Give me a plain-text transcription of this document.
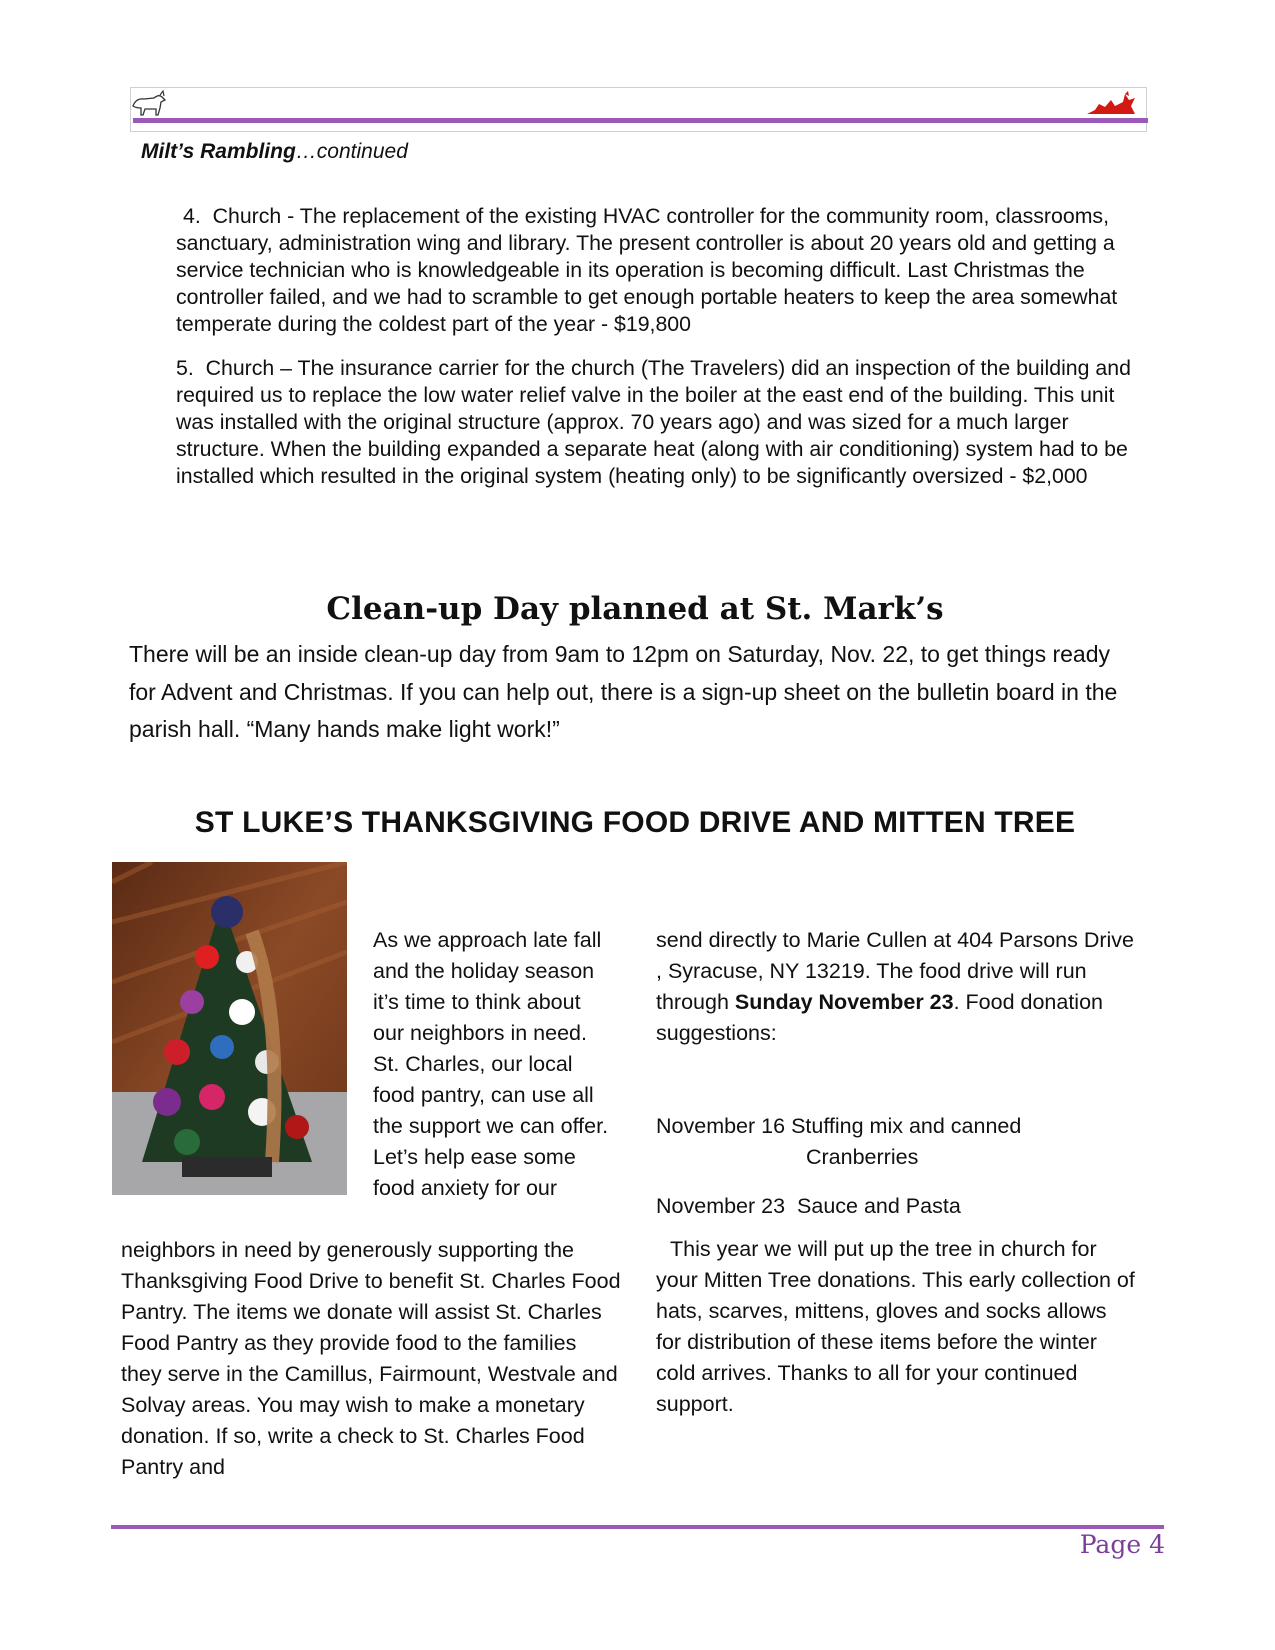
Milt’s Rambling…continued
4. Church - The replacement of the existing HVAC controller for the community room, classrooms, sanctuary, administration wing and library. The present controller is about 20 years old and getting a service technician who is knowledgeable in its operation is becoming difficult. Last Christmas the controller failed, and we had to scramble to get enough portable heaters to keep the area somewhat temperate during the coldest part of the year - $19,800
5. Church – The insurance carrier for the church (The Travelers) did an inspection of the building and required us to replace the low water relief valve in the boiler at the east end of the building. This unit was installed with the original structure (approx. 70 years ago) and was sized for a much larger structure. When the building expanded a separate heat (along with air conditioning) system had to be installed which resulted in the original system (heating only) to be significantly oversized - $2,000
Clean-up Day planned at St. Mark’s
There will be an inside clean-up day from 9am to 12pm on Saturday, Nov. 22, to get things ready for Advent and Christmas. If you can help out, there is a sign-up sheet on the bulletin board in the parish hall. “Many hands make light work!”
ST LUKE’S THANKSGIVING FOOD DRIVE AND MITTEN TREE
As we approach late fall and the holiday season it’s time to think about our neighbors in need. St. Charles, our local food pantry, can use all the support we can offer. Let’s help ease some food anxiety for our
neighbors in need by generously supporting the Thanksgiving Food Drive to benefit St. Charles Food Pantry. The items we donate will assist St. Charles Food Pantry as they provide food to the families they serve in the Camillus, Fairmount, Westvale and Solvay areas. You may wish to make a monetary donation. If so, write a check to St. Charles Food Pantry and
send directly to Marie Cullen at 404 Parsons Drive , Syracuse, NY 13219. The food drive will run through Sunday November 23. Food donation suggestions:
November 16 Stuffing mix and canned
Cranberries
November 23 Sauce and Pasta
This year we will put up the tree in church for your Mitten Tree donations. This early collection of hats, scarves, mittens, gloves and socks allows for distribution of these items before the winter cold arrives. Thanks to all for your continued support.
Page 4
